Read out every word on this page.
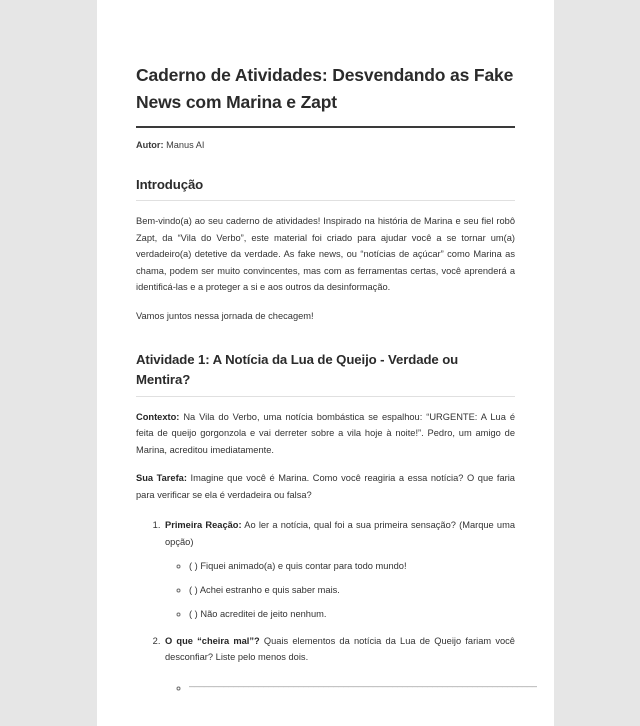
Caderno de Atividades: Desvendando as Fake News com Marina e Zapt

Autor: Manus AI

Introdução

Bem-vindo(a) ao seu caderno de atividades! Inspirado na história de Marina e seu fiel robô Zapt, da “Vila do Verbo”, este material foi criado para ajudar você a se tornar um(a) verdadeiro(a) detetive da verdade. As fake news, ou “notícias de açúcar” como Marina as chama, podem ser muito convincentes, mas com as ferramentas certas, você aprenderá a identificá-las e a proteger a si e aos outros da desinformação.

Vamos juntos nessa jornada de checagem!

Atividade 1: A Notícia da Lua de Queijo - Verdade ou Mentira?

Contexto: Na Vila do Verbo, uma notícia bombástica se espalhou: “URGENTE: A Lua é feita de queijo gorgonzola e vai derreter sobre a vila hoje à noite!”. Pedro, um amigo de Marina, acreditou imediatamente.

Sua Tarefa: Imagine que você é Marina. Como você reagiria a essa notícia? O que faria para verificar se ela é verdadeira ou falsa?

1. Primeira Reação: Ao ler a notícia, qual foi a sua primeira sensação? (Marque uma opção)
◦ ( ) Fiquei animado(a) e quis contar para todo mundo!
◦ ( ) Achei estranho e quis saber mais.
◦ ( ) Não acreditei de jeito nenhum.
2. O que “cheira mal”? Quais elementos da notícia da Lua de Queijo fariam você desconfiar? Liste pelo menos dois.
◦ ______________________________________________________________________
